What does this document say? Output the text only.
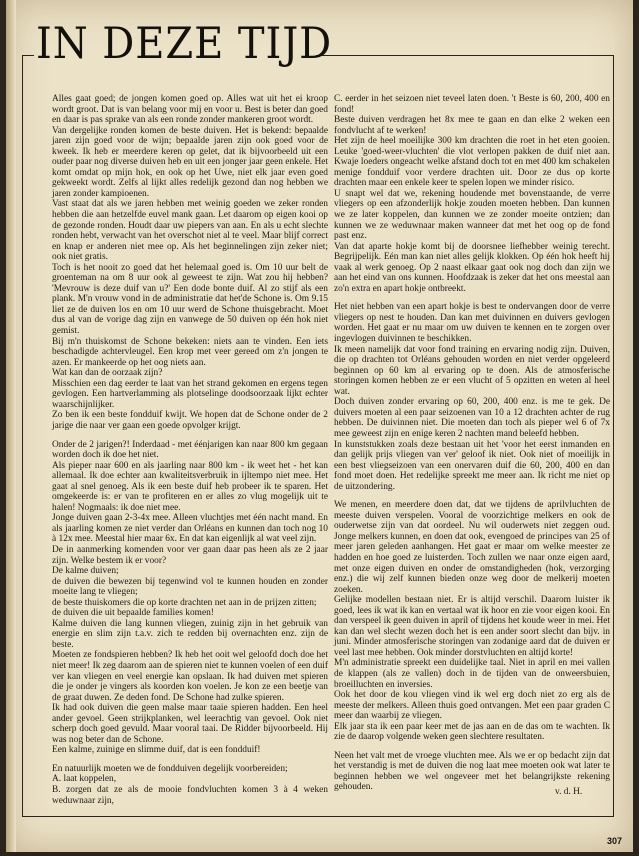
IN DEZE TIJD

Alles gaat goed; de jongen komen goed op. Alles wat uit het ei kroop wordt groot. Dat is van belang voor mij en voor u. Best is beter dan goed en daar is pas sprake van als een ronde zonder mankeren groot wordt.
Van dergelijke ronden komen de beste duiven. Het is bekend: bepaalde jaren zijn goed voor de wijn; bepaalde jaren zijn ook goed voor de kweek. Ik heb er meerdere keren op gelet, dat ik bijvoorbeeld uit een ouder paar nog diverse duiven heb en uit een jonger jaar geen enkele. Het komt omdat op mijn hok, en ook op het Uwe, niet elk jaar even goed gekweekt wordt. Zelfs al lijkt alles redelijk gezond dan nog hebben we jaren zonder kampioenen.
Vast staat dat als we jaren hebben met weinig goeden we zeker ronden hebben die aan hetzelfde euvel mank gaan. Let daarom op eigen kooi op de gezonde ronden. Houdt daar uw piepers van aan. En als u echt slechte ronden hebt, verwacht van het overschot niet al te veel. Maar blijf correct en knap er anderen niet mee op. Als het beginnelingen zijn zeker niet; ook niet gratis.
Toch is het nooit zo goed dat het helemaal goed is. Om 10 uur belt de groenteman na om 8 uur ook al geweest te zijn. Wat zou hij hebben? 'Mevrouw is deze duif van u?' Een dode bonte duif. Al zo stijf als een plank. M'n vrouw vond in de administratie dat het'de Schone is. Om 9.15 liet ze de duiven los en om 10 uur werd de Schone thuisgebracht. Moet dus al van de vorige dag zijn en vanwege de 50 duiven op één hok niet gemist.
Bij m'n thuiskomst de Schone bekeken: niets aan te vinden. Een iets beschadigde achtervleugel. Een krop met veer gereed om z'n jongen te azen. Er mankeerde op het oog niets aan.
Wat kan dan de oorzaak zijn?
Misschien een dag eerder te laat van het strand gekomen en ergens tegen gevlogen. Een hartverlamming als plotselinge doodsoorzaak lijkt echter waarschijnlijker.
Zo ben ik een beste fondduif kwijt. We hopen dat de Schone onder de 2 jarige die naar ver gaan een goede opvolger krijgt.

Onder de 2 jarigen?! Inderdaad - met éénjarigen kan naar 800 km gegaan worden doch ik doe het niet.
Als pieper naar 600 en als jaarling naar 800 km - ik weet het - het kan allemaal. Ik doe echter aan kwaliteitsverbruik in ijltempo niet mee. Het gaat al snel genoeg. Als ik een beste duif heb probeer ik te sparen. Het omgekeerde is: er van te profiteren en er alles zo vlug mogelijk uit te halen! Nogmaals: ik doe niet mee.
Jonge duiven gaan 2-3-4x mee. Alleen vluchtjes met één nacht mand. En als jaarling komen ze niet verder dan Orléans en kunnen dan toch nog 10 à 12x mee. Meestal hier maar 6x. En dat kan eigenlijk al wat veel zijn.
De in aanmerking komenden voor ver gaan daar pas heen als ze 2 jaar zijn. Welke bestem ik er voor?
De kalme duiven;
de duiven die bewezen bij tegenwind vol te kunnen houden en zonder moeite lang te vliegen;
de beste thuiskomers die op korte drachten net aan in de prijzen zitten;
de duiven die uit bepaalde families komen!
Kalme duiven die lang kunnen vliegen, zuinig zijn in het gebruik van energie en slim zijn t.a.v. zich te redden bij overnachten enz. zijn de beste.
Moeten ze fondspieren hebben? Ik heb het ooit wel geloofd doch doe het niet meer! Ik zeg daarom aan de spieren niet te kunnen voelen of een duif ver kan vliegen en veel energie kan opslaan. Ik had duiven met spieren die je onder je vingers als koorden kon voelen. Je kon ze een beetje van de graat duwen. Ze deden fond. De Schone had zulke spieren.
Ik had ook duiven die geen malse maar taaie spieren hadden. Een heel ander gevoel. Geen strijkplanken, wel leerachtig van gevoel. Ook niet scherp doch goed gevuld. Maar vooral taai. De Ridder bijvoorbeeld. Hij was nog beter dan de Schone.
Een kalme, zuinige en slimme duif, dat is een fondduif!

En natuurlijk moeten we de fondduiven degelijk voorbereiden;
A. laat koppelen,
B. zorgen dat ze als de mooie fondvluchten komen 3 à 4 weken weduwnaar zijn,

C. eerder in het seizoen niet teveel laten doen. 't Beste is 60, 200, 400 en fond!
Beste duiven verdragen het 8x mee te gaan en dan elke 2 weken een fondvlucht af te werken!
Het zijn de heel moeilijke 300 km drachten die roet in het eten gooien. Leuke 'goed-weer-vluchten' die vlot verlopen pakken de duif niet aan. Kwaje loeders ongeacht welke afstand doch tot en met 400 km schakelen menige fondduif voor verdere drachten uit. Door ze dus op korte drachten maar een enkele keer te spelen lopen we minder risico.
U snapt wel dat we, rekening houdende met bovenstaande, de verre vliegers op een afzonderlijk hokje zouden moeten hebben. Dan kunnen we ze later koppelen, dan kunnen we ze zonder moeite ontzien; dan kunnen we ze weduwnaar maken wanneer dat met het oog op de fond past enz.
Van dat aparte hokje komt bij de doorsnee liefhebber weinig terecht. Begrijpelijk. Eén man kan niet alles gelijk klokken. Op één hok heeft hij vaak al werk genoeg. Op 2 naast elkaar gaat ook nog doch dan zijn we aan het eind van ons kunnen. Hoofdzaak is zeker dat het ons meestal aan zo'n extra en apart hokje ontbreekt.

Het niet hebben van een apart hokje is best te ondervangen door de verre vliegers op nest te houden. Dan kan met duivinnen en duivers gevlogen worden. Het gaat er nu maar om uw duiven te kennen en te zorgen over ingevlogen duivinnen te beschikken.
Ik meen namelijk dat voor fond training en ervaring nodig zijn. Duiven, die op drachten tot Orléans gehouden worden en niet verder opgeleerd beginnen op 60 km al ervaring op te doen. Als de atmosferische storingen komen hebben ze er een vlucht of 5 opzitten en weten al heel wat.
Doch duiven zonder ervaring op 60, 200, 400 enz. is me te gek. De duivers moeten al een paar seizoenen van 10 a 12 drachten achter de rug hebben. De duivinnen niet. Die moeten dan toch als pieper wel 6 of 7x mee geweest zijn en enige keren 2 nachten mand beleefd hebben.
In kunststukken zoals deze bestaan uit het 'voor het eerst inmanden en dan gelijk prijs vliegen van ver' geloof ik niet. Ook niet of moeilijk in een best vliegseizoen van een onervaren duif die 60, 200, 400 en dan fond moet doen. Het redelijke spreekt me meer aan. Ik richt me niet op de uitzondering.

We menen, en meerdere doen dat, dat we tijdens de aprilvluchten de meeste duiven verspelen. Vooral de voorzichtige melkers en ook de ouderwetse zijn van dat oordeel. Nu wil ouderwets niet zeggen oud. Jonge melkers kunnen, en doen dat ook, evengoed de principes van 25 of meer jaren geleden aanhangen. Het gaat er maar om welke meester ze hadden en hoe goed ze luisterden. Toch zullen we naar onze eigen aard, met onze eigen duiven en onder de omstandigheden (hok, verzorging enz.) die wij zelf kunnen bieden onze weg door de melkerij moeten zoeken.
Gelijke modellen bestaan niet. Er is altijd verschil. Daarom luister ik goed, lees ik wat ik kan en vertaal wat ik hoor en zie voor eigen kooi. En dan verspeel ik geen duiven in april of tijdens het koude weer in mei. Het kan dan wel slecht wezen doch het is een ander soort slecht dan bijv. in juni. Minder atmosferische storingen van zodanige aard dat de duiven er veel last mee hebben. Ook minder dorstvluchten en altijd korte!
M'n administratie spreekt een duidelijke taal. Niet in april en mei vallen de klappen (als ze vallen) doch in de tijden van de onweersbuien, broeilluchten en inversies.
Ook het door de kou vliegen vind ik wel erg doch niet zo erg als de meeste der melkers. Alleen thuis goed ontvangen. Met een paar graden C meer dan waarbij ze vliegen.
Elk jaar sta ik een paar keer met de jas aan en de das om te wachten. Ik zie de daarop volgende weken geen slechtere resultaten.

Neen het valt met de vroege vluchten mee. Als we er op bedacht zijn dat het verstandig is met de duiven die nog laat mee moeten ook wat later te beginnen hebben we wel ongeveer met het belangrijkste rekening gehouden.	v. d. H.
307
